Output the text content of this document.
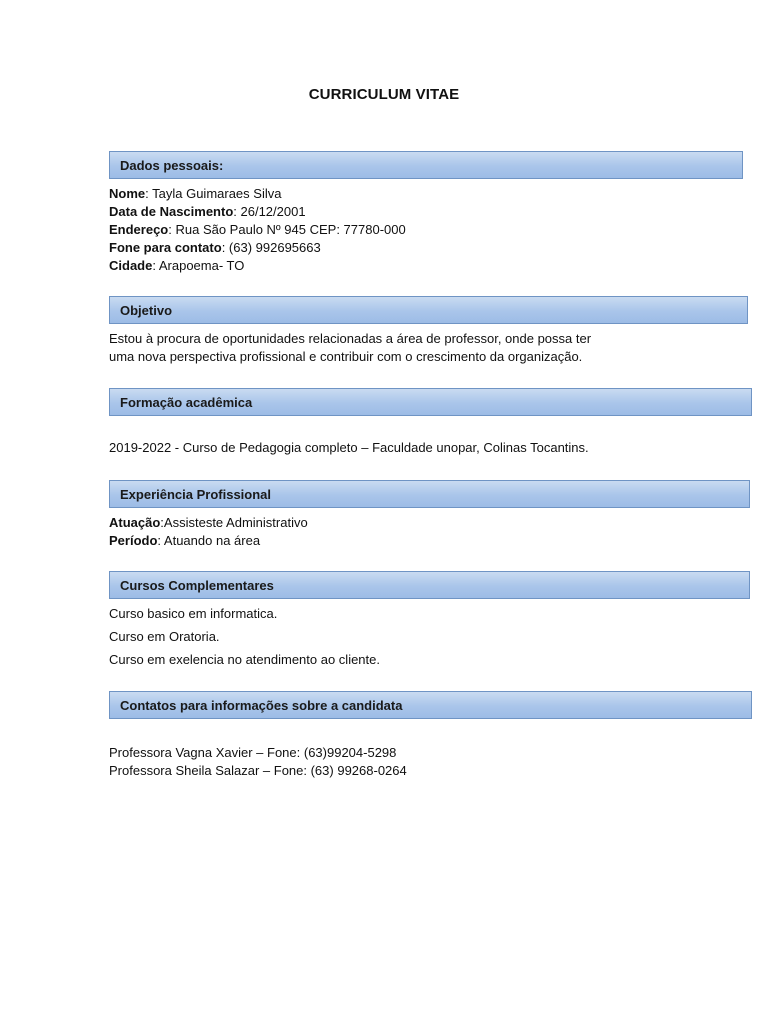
CURRICULUM VITAE
Dados pessoais:
Nome: Tayla Guimaraes Silva
Data de Nascimento: 26/12/2001
Endereço: Rua São Paulo Nº 945 CEP: 77780-000
Fone para contato: (63) 992695663
Cidade: Arapoema- TO
Objetivo
Estou à procura de oportunidades relacionadas a área de professor, onde possa ter
uma nova perspectiva profissional e contribuir com o crescimento da organização.
Formação acadêmica
2019-2022 - Curso de Pedagogia completo – Faculdade unopar, Colinas Tocantins.
Experiência Profissional
Atuação:Assisteste Administrativo
Período: Atuando na área
Cursos Complementares
Curso basico em informatica.
Curso em Oratoria.
Curso em exelencia no atendimento ao cliente.
Contatos para informações sobre a candidata
Professora Vagna Xavier – Fone: (63)99204-5298
Professora Sheila Salazar – Fone: (63) 99268-0264
